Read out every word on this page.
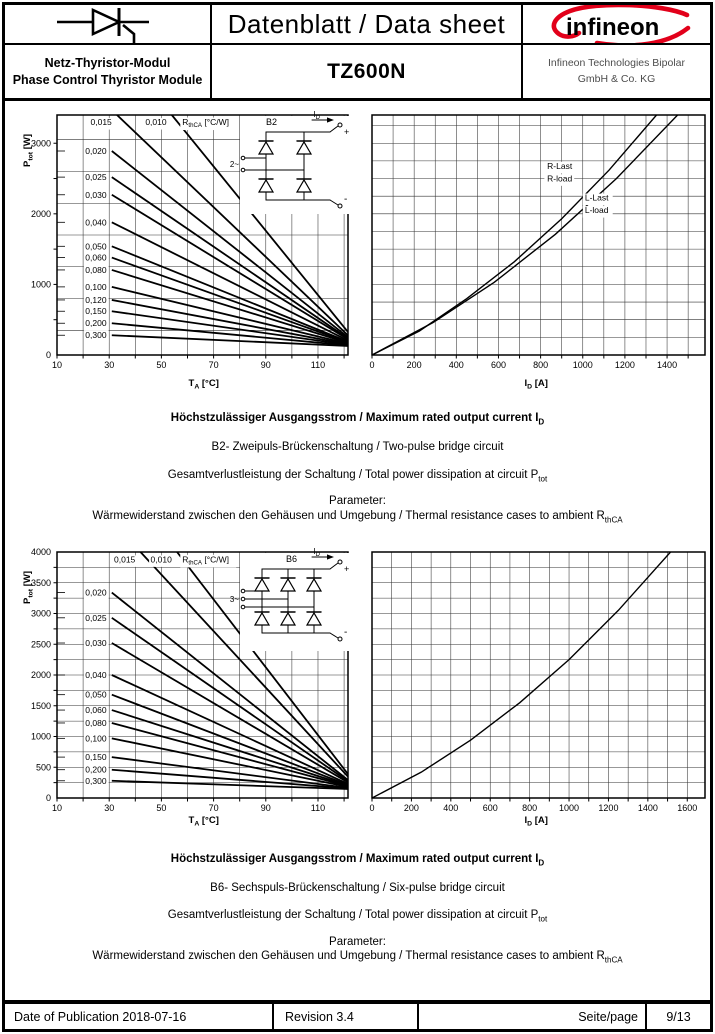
Datenblatt / Data sheet	infineon
Netz-Thyristor-Modul
Phase Control Thyristor Module	TZ600N	Infineon Technologies Bipolar
GmbH & Co. KG
10	30	50	70	90	110
0
1000
2000
3000
+
-
2~
$I_D$
B2
0,015	0,010
0,020
0,025
0,030
0,040
0,050
0,060
0,080
0,100
0,120
0,150
0,200
0,300
$R_{thCA}$ [°C/W]
$T_A$ [°C]
$P_{tot}$ [W]
0	200	400	600	800	1000 1200 1400
R-Last
R-load
L-Last
L-load
$I_D$ [A]
Höchstzulässiger Ausgangsstrom / Maximum rated output current $I_D$
B2- Zweipuls-Brückenschaltung / Two-pulse bridge circuit
Gesamtverlustleistung der Schaltung / Total power dissipation at circuit $P_{tot}$
Parameter:
Wärmewiderstand zwischen den Gehäusen und Umgebung / Thermal resistance cases to ambient $R_{thCA}$
10	30	50	70	90	110
0
500
1000
1500
2000
2500
3000
3500
4000
+
-
3~
$I_D$
B6
0,015 0,010
0,020
0,025
0,030
0,040
0,050
0,060
0,080
0,100
0,150
0,200
0,300
$R_{thCA}$ [°C/W]
$T_A$ [°C]
$P_{tot}$ [W]
0	200	400	600	800 1000 1200 1400 1600
$I_D$ [A]
Höchstzulässiger Ausgangsstrom / Maximum rated output current $I_D$
B6- Sechspuls-Brückenschaltung / Six-pulse bridge circuit
Gesamtverlustleistung der Schaltung / Total power dissipation at circuit $P_{tot}$
Parameter:
Wärmewiderstand zwischen den Gehäusen und Umgebung / Thermal resistance cases to ambient $R_{thCA}$
Date of Publication 2018-07-16	Revision 3.4	Seite/page	9/13
